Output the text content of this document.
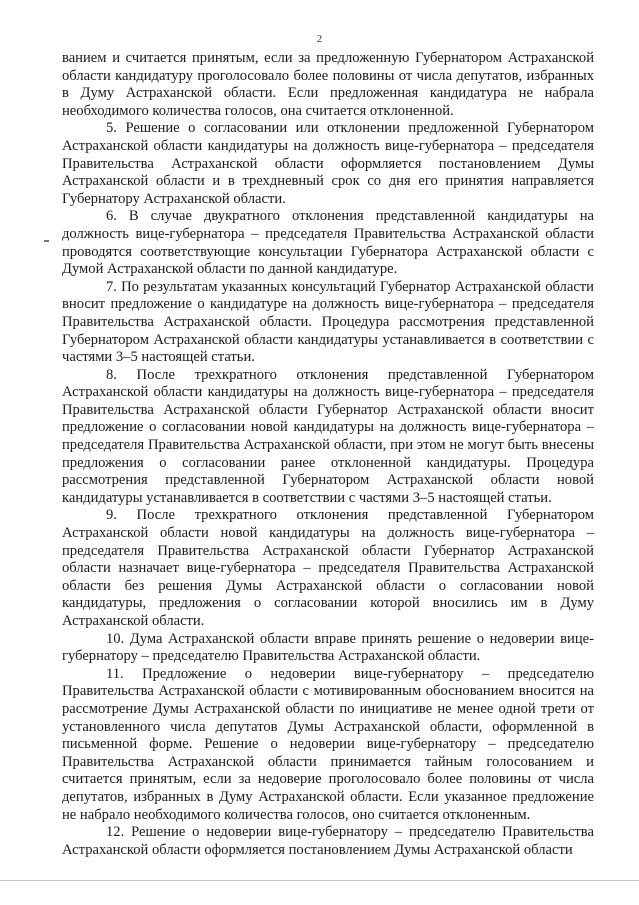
2

ванием и считается принятым, если за предложенную Губернатором Астраханской области кандидатуру проголосовало более половины от числа депутатов, избранных в Думу Астраханской области. Если предложенная кандидатура не набрала необходимого количества голосов, она считается отклоненной.

5. Решение о согласовании или отклонении предложенной Губернатором Астраханской области кандидатуры на должность вице-губернатора – председателя Правительства Астраханской области оформляется постановлением Думы Астраханской области и в трехдневный срок со дня его принятия направляется Губернатору Астраханской области.

6. В случае двукратного отклонения представленной кандидатуры на должность вице-губернатора – председателя Правительства Астраханской области проводятся соответствующие консультации Губернатора Астраханской области с Думой Астраханской области по данной кандидатуре.

7. По результатам указанных консультаций Губернатор Астраханской области вносит предложение о кандидатуре на должность вице-губернатора – председателя Правительства Астраханской области. Процедура рассмотрения представленной Губернатором Астраханской области кандидатуры устанавливается в соответствии с частями 3–5 настоящей статьи.

8. После трехкратного отклонения представленной Губернатором Астраханской области кандидатуры на должность вице-губернатора – председателя Правительства Астраханской области Губернатор Астраханской области вносит предложение о согласовании новой кандидатуры на должность вице-губернатора – председателя Правительства Астраханской области, при этом не могут быть внесены предложения о согласовании ранее отклоненной кандидатуры. Процедура рассмотрения представленной Губернатором Астраханской области новой кандидатуры устанавливается в соответствии с частями 3–5 настоящей статьи.

9. После трехкратного отклонения представленной Губернатором Астраханской области новой кандидатуры на должность вице-губернатора – председателя Правительства Астраханской области Губернатор Астраханской области назначает вице-губернатора – председателя Правительства Астраханской области без решения Думы Астраханской области о согласовании новой кандидатуры, предложения о согласовании которой вносились им в Думу Астраханской области.

10. Дума Астраханской области вправе принять решение о недоверии вице-губернатору – председателю Правительства Астраханской области.

11. Предложение о недоверии вице-губернатору – председателю Правительства Астраханской области с мотивированным обоснованием вносится на рассмотрение Думы Астраханской области по инициативе не менее одной трети от установленного числа депутатов Думы Астраханской области, оформленной в письменной форме. Решение о недоверии вице-губернатору – председателю Правительства Астраханской области принимается тайным голосованием и считается принятым, если за недоверие проголосовало более половины от числа депутатов, избранных в Думу Астраханской области. Если указанное предложение не набрало необходимого количества голосов, оно считается отклоненным.

12. Решение о недоверии вице-губернатору – председателю Правительства Астраханской области оформляется постановлением Думы Астраханской области
